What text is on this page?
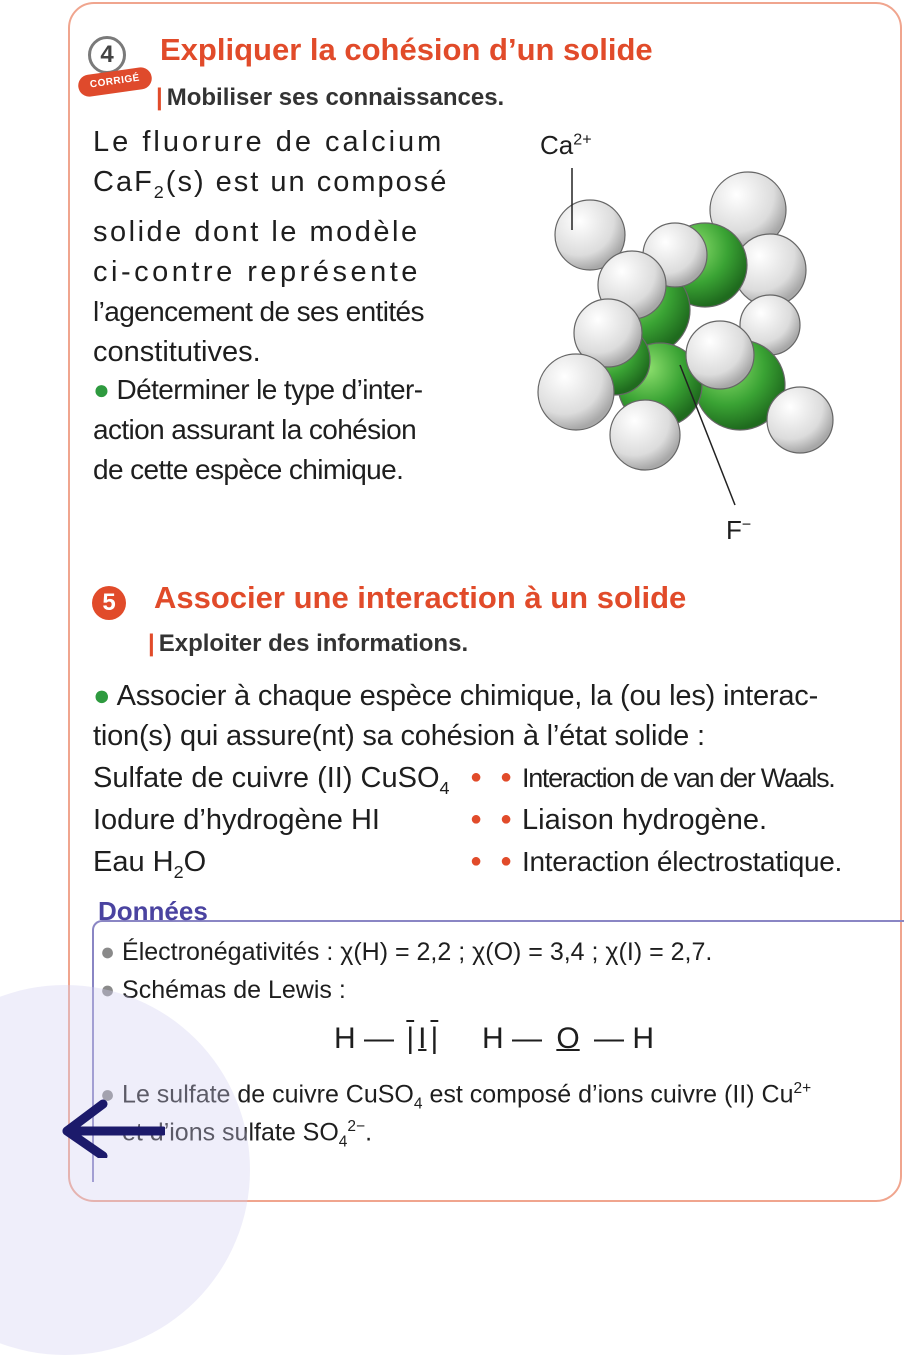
4
CORRIGÉ
Expliquer la cohésion d’un solide
| Mobiliser ses connaissances.
Le fluorure de calcium
CaF$_2$(s) est un composé
solide dont le modèle
ci-contre représente
l’agencement de ses entités
constitutives.
● Déterminer le type d’inter-
action assurant la cohésion
de cette espèce chimique.
$Ca^{2+}$
F−
5	Associer une interaction à un solide
| Exploiter des informations.
● Associer à chaque espèce chimique, la (ou les) interac-
tion(s) qui assure(nt) sa cohésion à l’état solide :
Sulfate de cuivre (II) CuSO$_4$
Iodure d’hydrogène HI
Eau $H_2O$
●
●
●
●
●
●
Interaction de van der Waals.
Liaison hydrogène.
Interaction électrostatique.
Données
● Électronégativités : χ(H) = 2,2 ; χ(O) = 3,4 ; χ(I) = 2,7.
● Schémas de Lewis :
H — | I | H — O — H
● Le sulfate de cuivre CuSO$_4$ est composé d’ions cuivre (II) $Cu^{2+}$
et d’ions sulfate $SO_4^{2-}$.
